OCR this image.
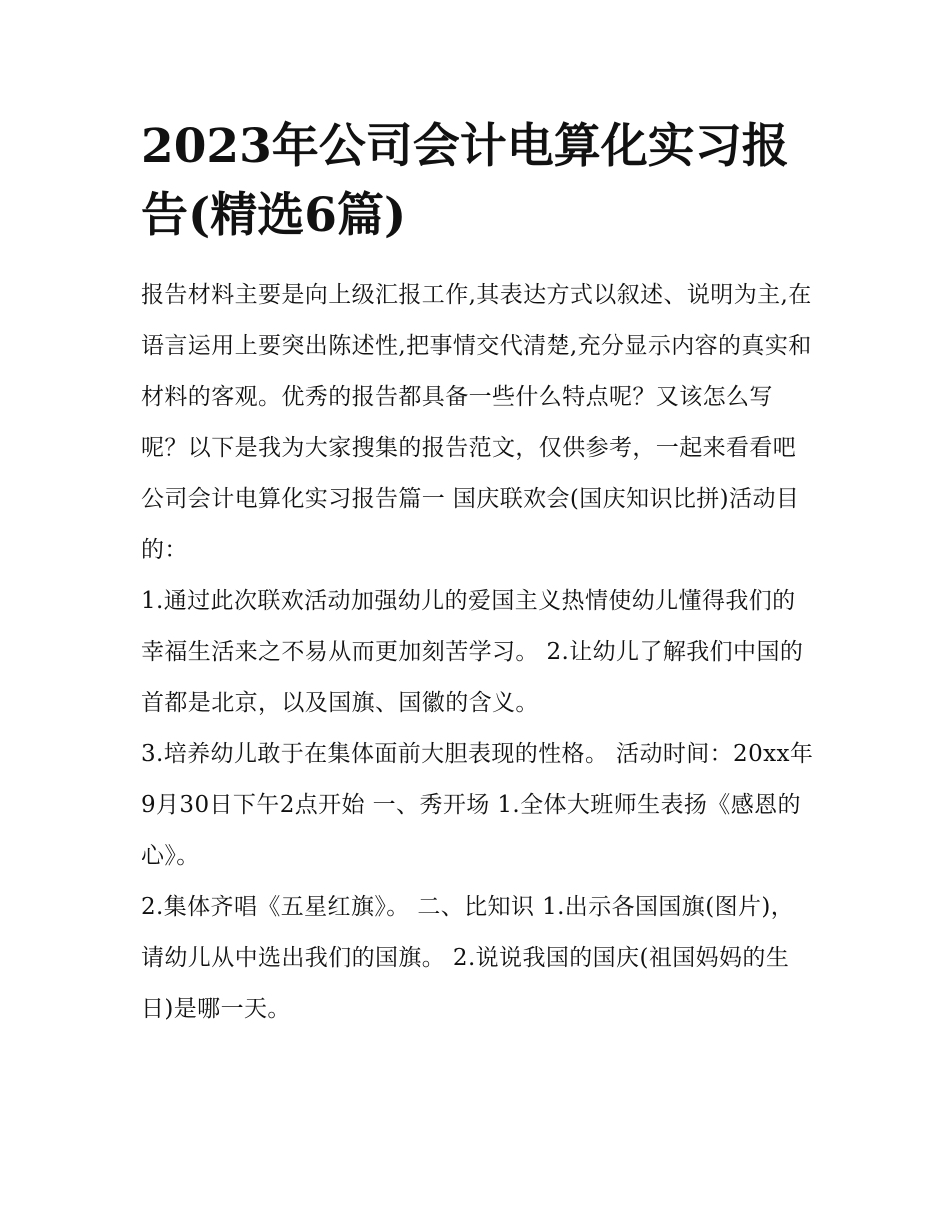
2023年公司会计电算化实习报告(精选6篇)

报告材料主要是向上级汇报工作,其表达方式以叙述、说明为主,在语言运用上要突出陈述性,把事情交代清楚,充分显示内容的真实和材料的客观。优秀的报告都具备一些什么特点呢？又该怎么写呢？以下是我为大家搜集的报告范文，仅供参考，一起来看看吧

公司会计电算化实习报告篇一 国庆联欢会(国庆知识比拼)活动目的：

1.通过此次联欢活动加强幼儿的爱国主义热情使幼儿懂得我们的幸福生活来之不易从而更加刻苦学习。 2.让幼儿了解我们中国的首都是北京，以及国旗、国徽的含义。

3.培养幼儿敢于在集体面前大胆表现的性格。 活动时间：20xx年9月30日下午2点开始 一、秀开场 1.全体大班师生表扬《感恩的心》。

2.集体齐唱《五星红旗》。 二、比知识 1.出示各国国旗(图片)，请幼儿从中选出我们的国旗。 2.说说我国的国庆(祖国妈妈的生日)是哪一天。
